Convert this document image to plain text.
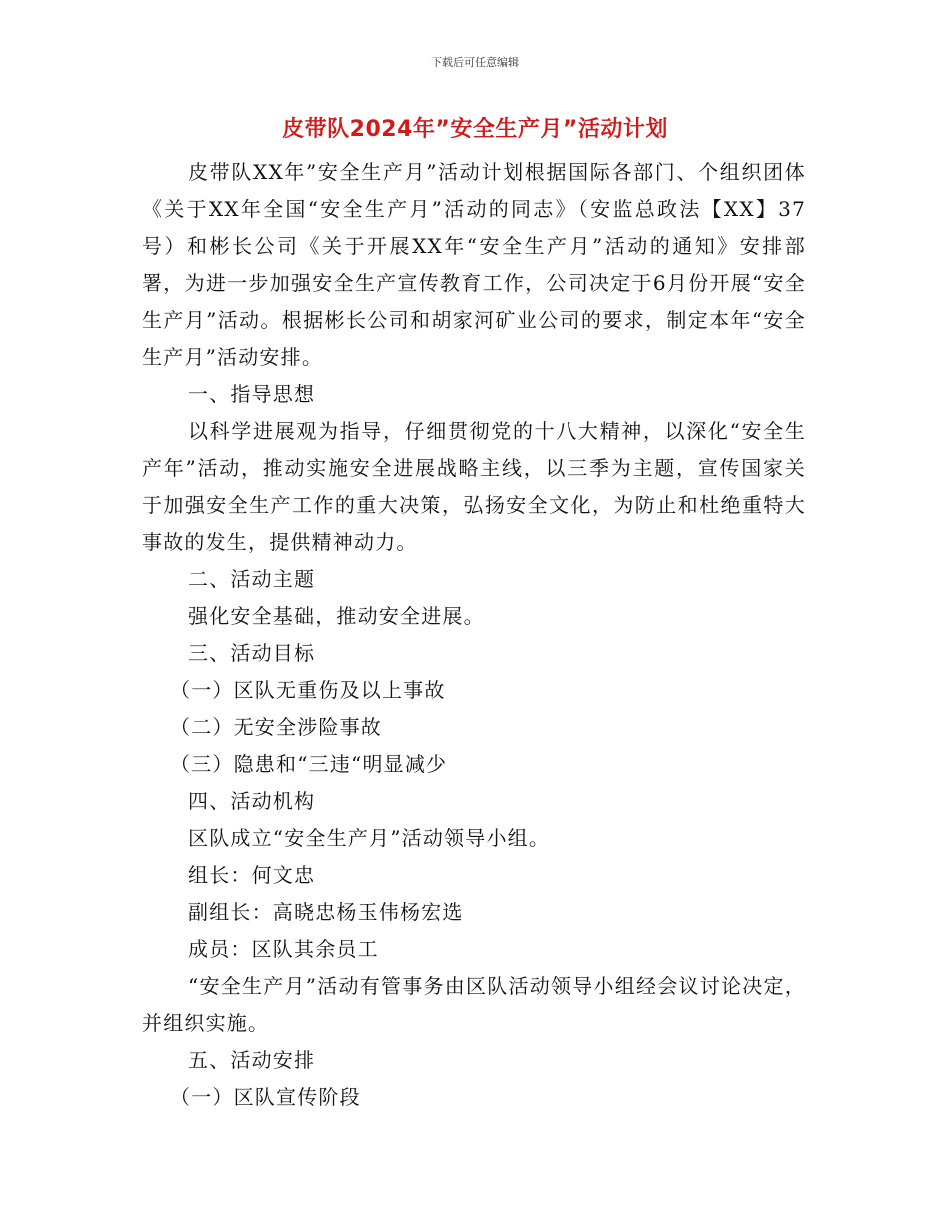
下载后可任意编辑
皮带队2024年”安全生产月”活动计划

皮带队XX年”安全生产月”活动计划根据国际各部门、个组织团体《关于XX年全国“安全生产月”活动的同志》（安监总政法【XX】37号）和彬长公司《关于开展XX年“安全生产月”活动的通知》安排部署，为进一步加强安全生产宣传教育工作，公司决定于6月份开展“安全生产月”活动。根据彬长公司和胡家河矿业公司的要求，制定本年“安全生产月”活动安排。

一、指导思想

以科学进展观为指导，仔细贯彻党的十八大精神，以深化“安全生产年”活动，推动实施安全进展战略主线，以三季为主题，宣传国家关于加强安全生产工作的重大决策，弘扬安全文化，为防止和杜绝重特大事故的发生，提供精神动力。

二、活动主题

强化安全基础，推动安全进展。

三、活动目标

（一）区队无重伤及以上事故

（二）无安全涉险事故

（三）隐患和“三违“明显减少

四、活动机构

区队成立“安全生产月”活动领导小组。

组长：何文忠

副组长：高晓忠杨玉伟杨宏选

成员：区队其余员工

“安全生产月”活动有管事务由区队活动领导小组经会议讨论决定，并组织实施。

五、活动安排

（一）区队宣传阶段
